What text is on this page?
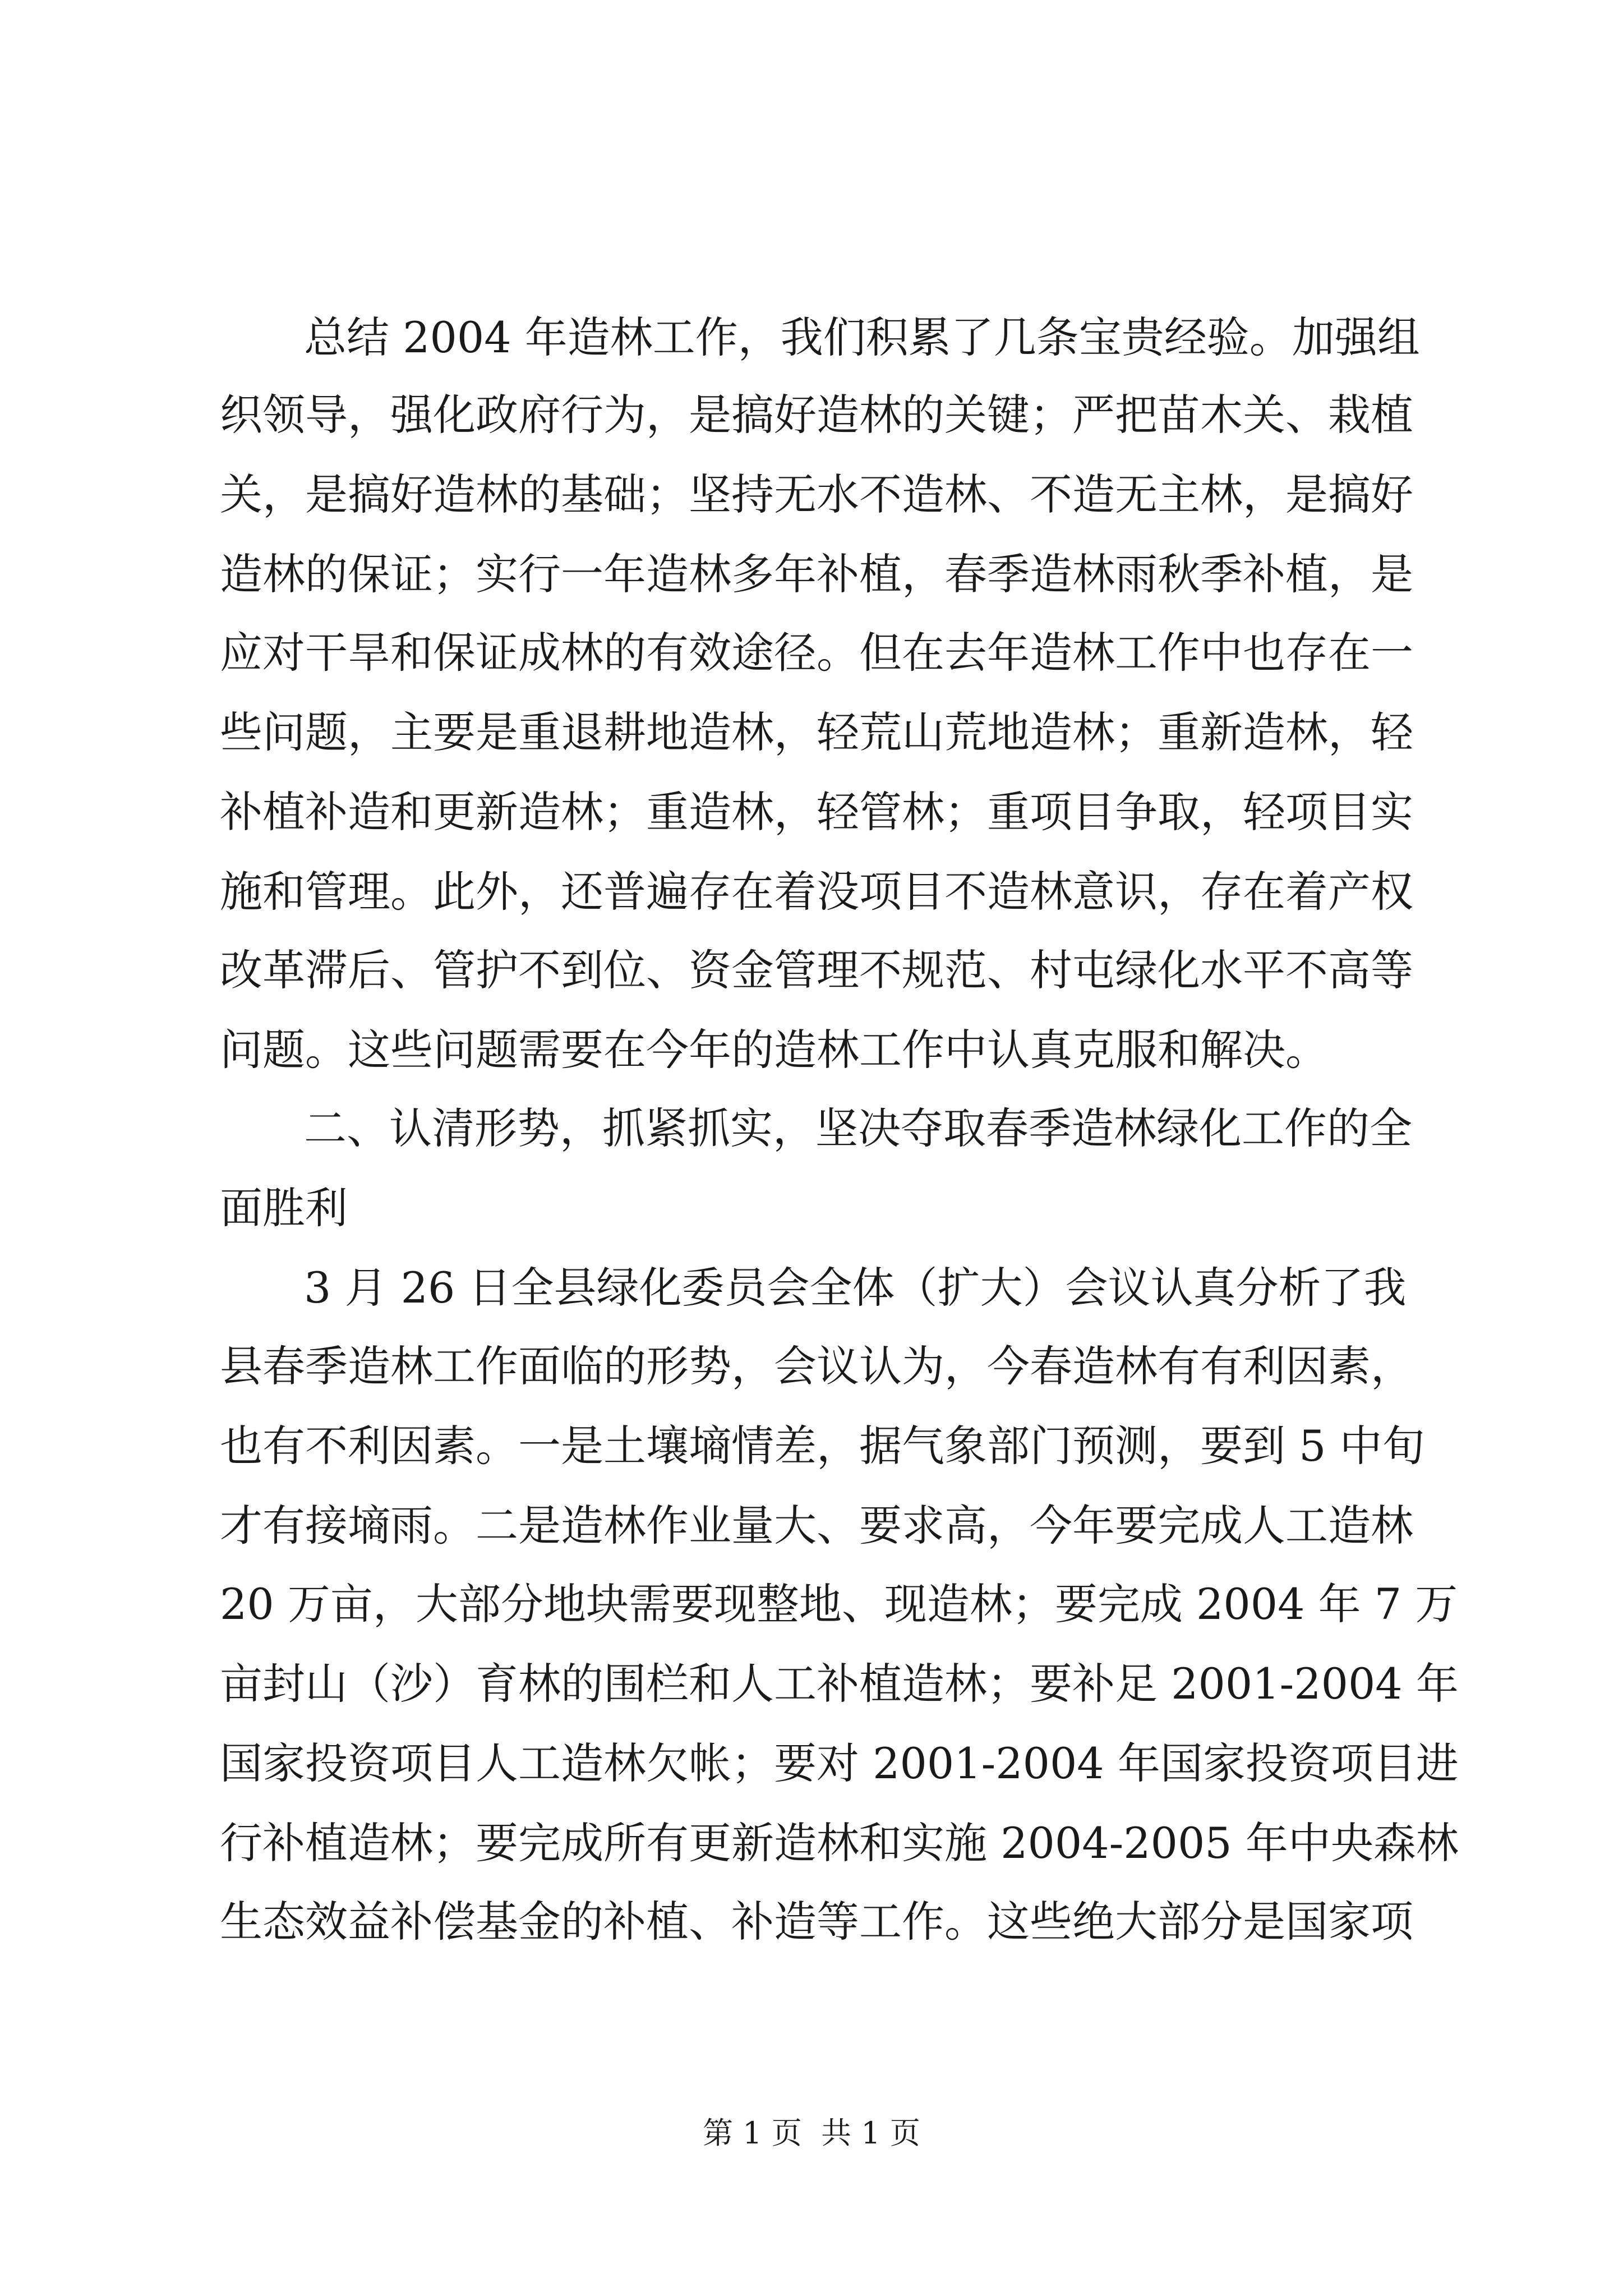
总结 2004 年造林工作，我们积累了几条宝贵经验。加强组
织领导，强化政府行为，是搞好造林的关键；严把苗木关、栽植
关，是搞好造林的基础；坚持无水不造林、不造无主林，是搞好
造林的保证；实行一年造林多年补植，春季造林雨秋季补植，是
应对干旱和保证成林的有效途径。但在去年造林工作中也存在一
些问题，主要是重退耕地造林，轻荒山荒地造林；重新造林，轻
补植补造和更新造林；重造林，轻管林；重项目争取，轻项目实
施和管理。此外，还普遍存在着没项目不造林意识，存在着产权
改革滞后、管护不到位、资金管理不规范、村屯绿化水平不高等
问题。这些问题需要在今年的造林工作中认真克服和解决。
二、认清形势，抓紧抓实，坚决夺取春季造林绿化工作的全
面胜利
3 月 26 日全县绿化委员会全体（扩大）会议认真分析了我
县春季造林工作面临的形势，会议认为，今春造林有有利因素，
也有不利因素。一是土壤墒情差，据气象部门预测，要到 5 中旬
才有接墒雨。二是造林作业量大、要求高，今年要完成人工造林
20 万亩，大部分地块需要现整地、现造林；要完成 2004 年 7 万
亩封山（沙）育林的围栏和人工补植造林；要补足 2001-2004 年
国家投资项目人工造林欠帐；要对 2001-2004 年国家投资项目进
行补植造林；要完成所有更新造林和实施 2004-2005 年中央森林
生态效益补偿基金的补植、补造等工作。这些绝大部分是国家项
第 1 页  共 1 页
